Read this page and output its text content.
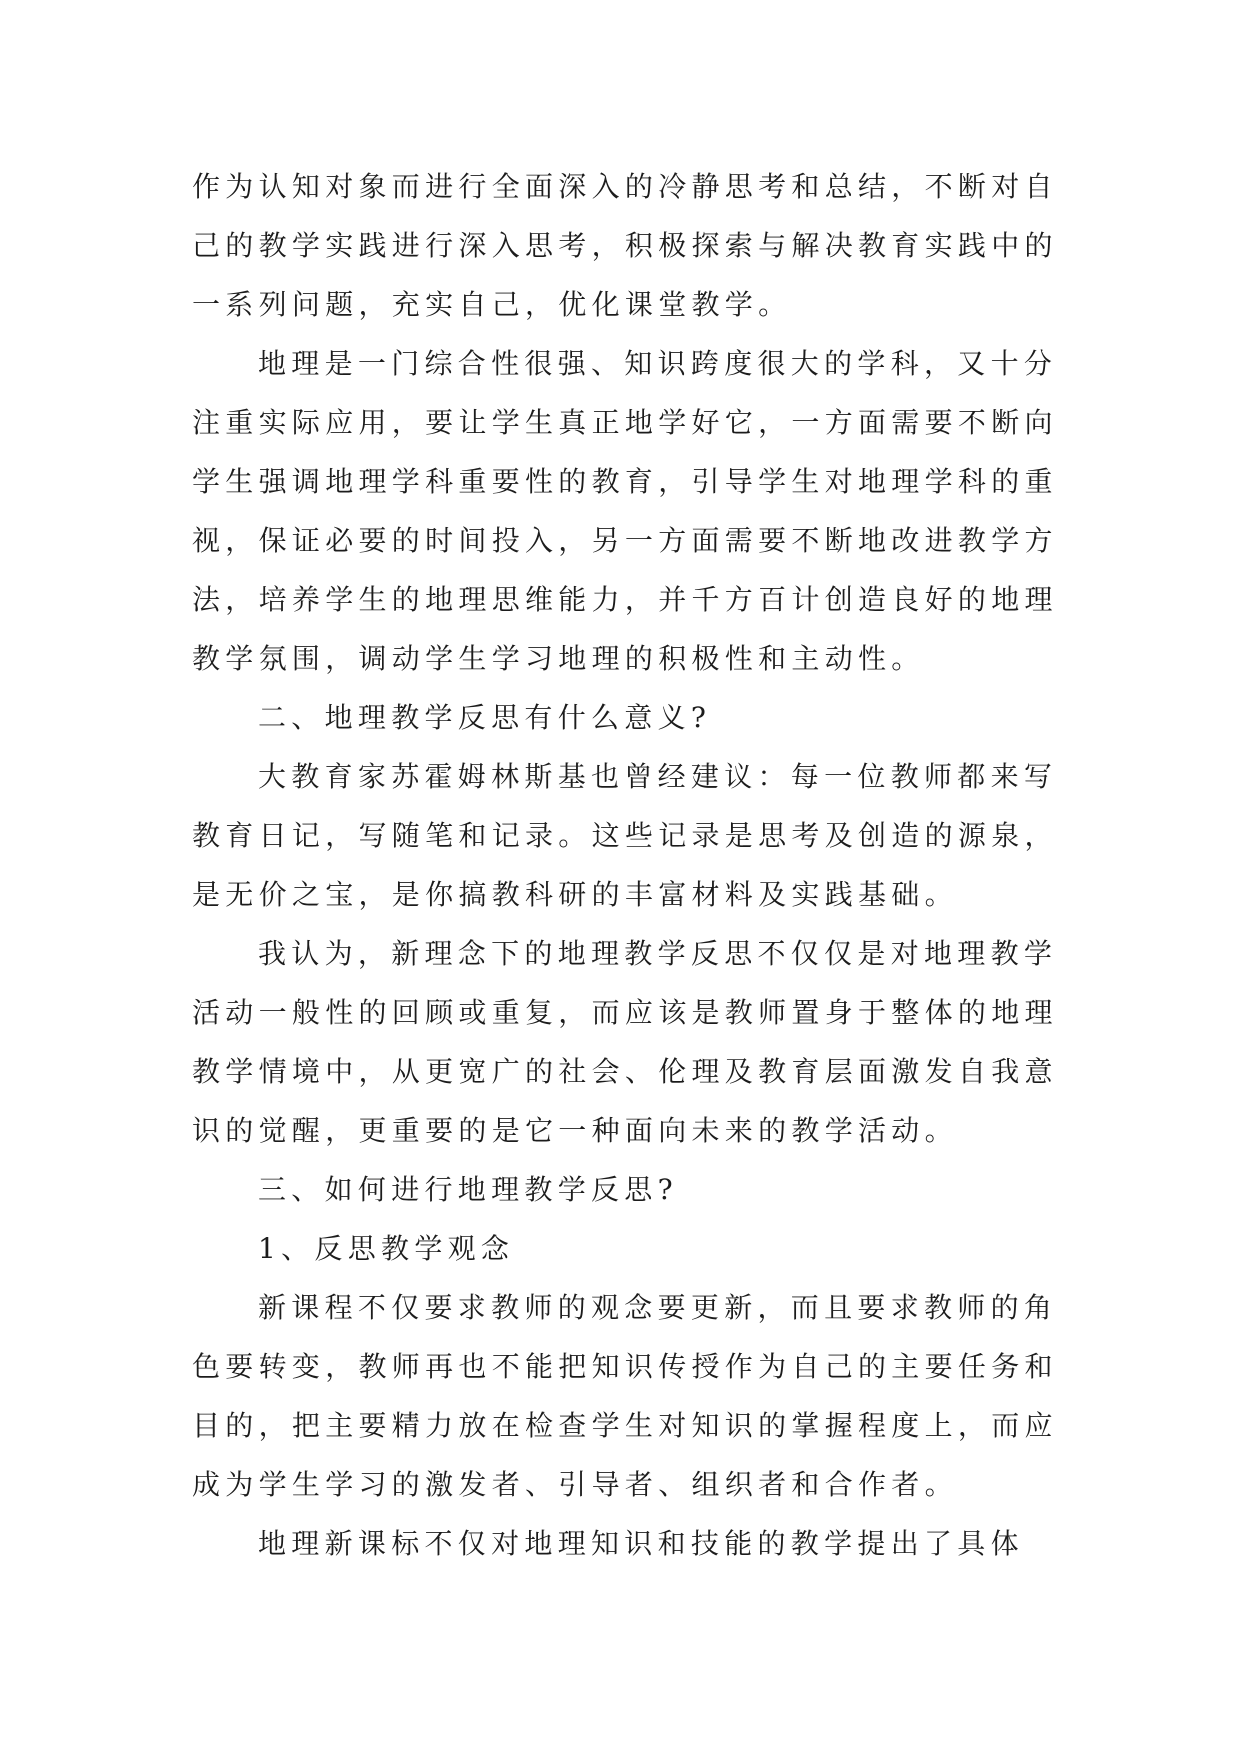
作为认知对象而进行全面深入的冷静思考和总结，不断对自
己的教学实践进行深入思考，积极探索与解决教育实践中的
一系列问题，充实自己，优化课堂教学。
地理是一门综合性很强、知识跨度很大的学科，又十分
注重实际应用，要让学生真正地学好它，一方面需要不断向
学生强调地理学科重要性的教育，引导学生对地理学科的重
视，保证必要的时间投入，另一方面需要不断地改进教学方
法，培养学生的地理思维能力，并千方百计创造良好的地理
教学氛围，调动学生学习地理的积极性和主动性。
二、地理教学反思有什么意义?
大教育家苏霍姆林斯基也曾经建议：每一位教师都来写
教育日记，写随笔和记录。这些记录是思考及创造的源泉，
是无价之宝，是你搞教科研的丰富材料及实践基础。
我认为，新理念下的地理教学反思不仅仅是对地理教学
活动一般性的回顾或重复，而应该是教师置身于整体的地理
教学情境中，从更宽广的社会、伦理及教育层面激发自我意
识的觉醒，更重要的是它一种面向未来的教学活动。
三、如何进行地理教学反思?
1、反思教学观念
新课程不仅要求教师的观念要更新，而且要求教师的角
色要转变，教师再也不能把知识传授作为自己的主要任务和
目的，把主要精力放在检查学生对知识的掌握程度上，而应
成为学生学习的激发者、引导者、组织者和合作者。
地理新课标不仅对地理知识和技能的教学提出了具体
